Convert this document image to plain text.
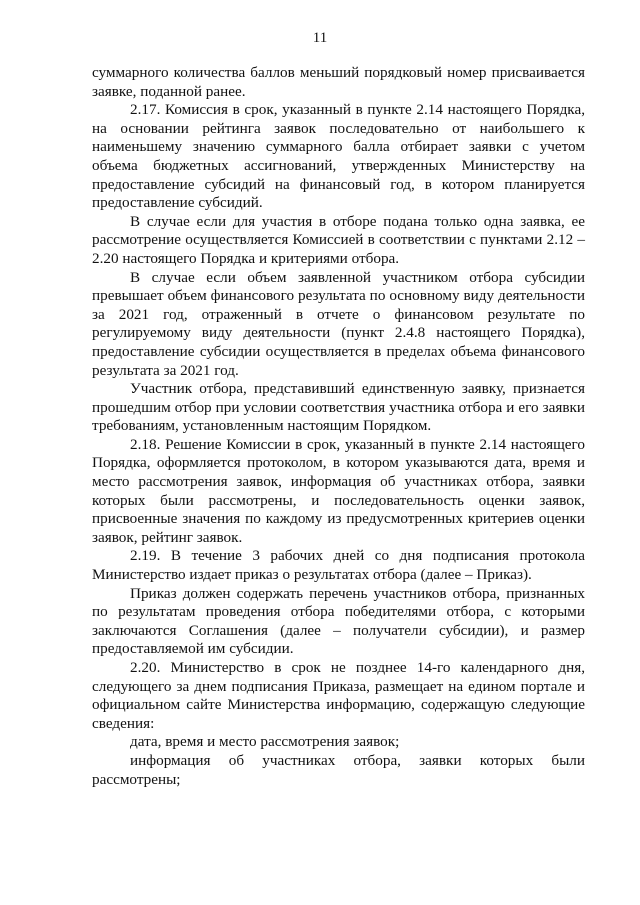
11

суммарного количества баллов меньший порядковый номер присваивается заявке, поданной ранее.

2.17. Комиссия в срок, указанный в пункте 2.14 настоящего Порядка, на основании рейтинга заявок последовательно от наибольшего к наименьшему значению суммарного балла отбирает заявки с учетом объема бюджетных ассигнований, утвержденных Министерству на предоставление субсидий на финансовый год, в котором планируется предоставление субсидий.

В случае если для участия в отборе подана только одна заявка, ее рассмотрение осуществляется Комиссией в соответствии с пунктами 2.12 – 2.20 настоящего Порядка и критериями отбора.

В случае если объем заявленной участником отбора субсидии превышает объем финансового результата по основному виду деятельности за 2021 год, отраженный в отчете о финансовом результате по регулируемому виду деятельности (пункт 2.4.8 настоящего Порядка), предоставление субсидии осуществляется в пределах объема финансового результата за 2021 год.

Участник отбора, представивший единственную заявку, признается прошедшим отбор при условии соответствия участника отбора и его заявки требованиям, установленным настоящим Порядком.

2.18. Решение Комиссии в срок, указанный в пункте 2.14 настоящего Порядка, оформляется протоколом, в котором указываются дата, время и место рассмотрения заявок, информация об участниках отбора, заявки которых были рассмотрены, и последовательность оценки заявок, присвоенные значения по каждому из предусмотренных критериев оценки заявок, рейтинг заявок.

2.19. В течение 3 рабочих дней со дня подписания протокола Министерство издает приказ о результатах отбора (далее – Приказ).

Приказ должен содержать перечень участников отбора, признанных по результатам проведения отбора победителями отбора, с которыми заключаются Соглашения (далее – получатели субсидии), и размер предоставляемой им субсидии.

2.20. Министерство в срок не позднее 14-го календарного дня, следующего за днем подписания Приказа, размещает на едином портале и официальном сайте Министерства информацию, содержащую следующие сведения:

дата, время и место рассмотрения заявок;

информация об участниках отбора, заявки которых были рассмотрены;
